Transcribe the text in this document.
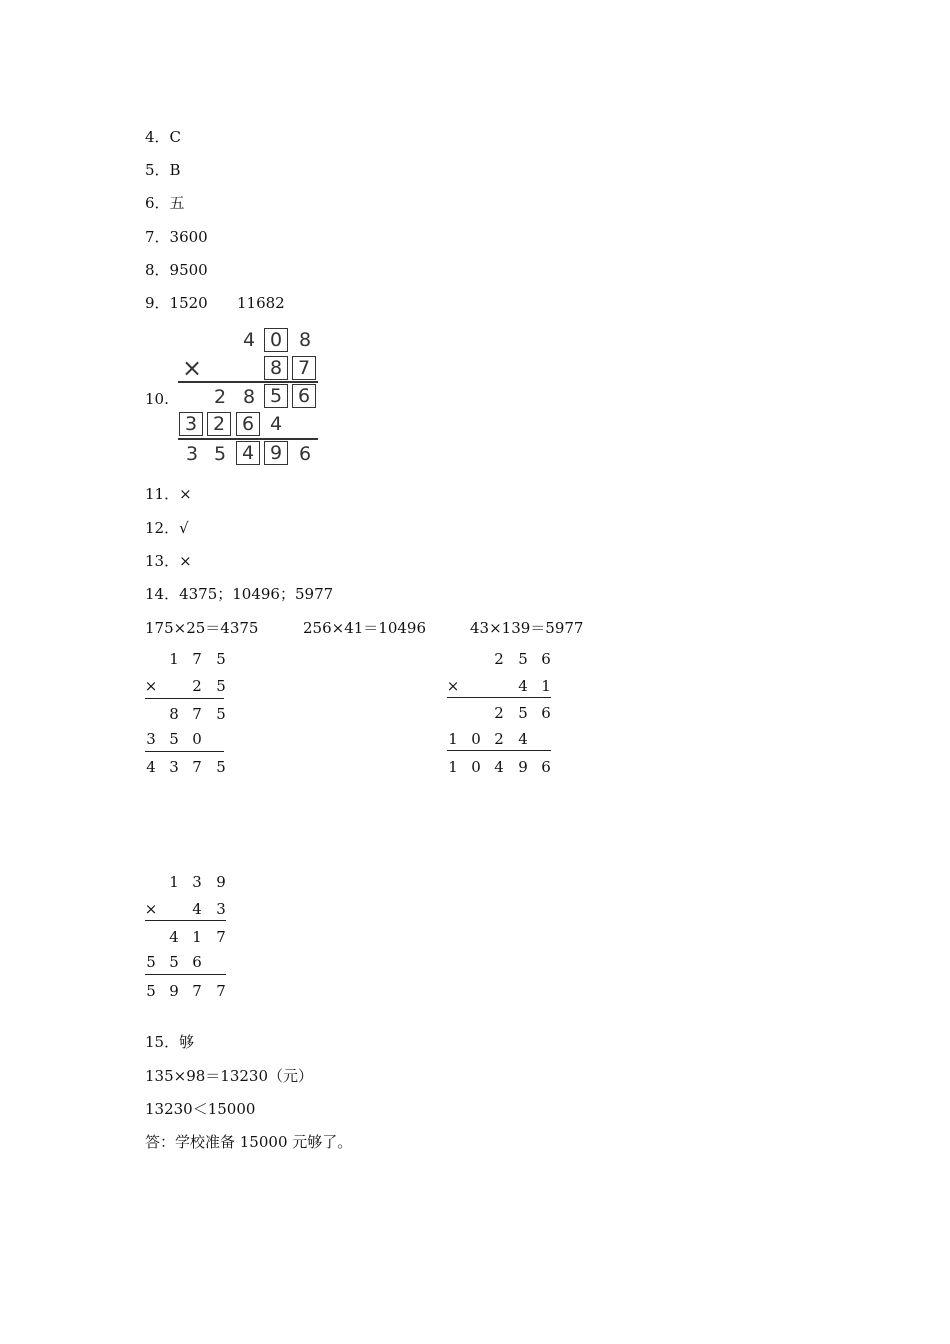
4．C
5．B
6．五
7．3600
8．9500
9．1520 11682
10.
4 0 8
×	8 7
2 8 5 6
3 2 6 4
3 5 4 9 6
11．×
12．√
13．×
14．4375；10496；5977
175×25＝4375	256×41＝10496	43×139＝5977
1 7 5
×	2 5
8 7 5
3 5 0
4 3 7 5
2 5 6
×	4 1
2 5 6
1 0 2 4
1 0 4 9 6
1 3 9
×	4 3
4 1 7
5 5 6
5 9 7 7
15．够
135×98＝13230（元）
13230＜15000
答：学校准备 15000 元够了。
